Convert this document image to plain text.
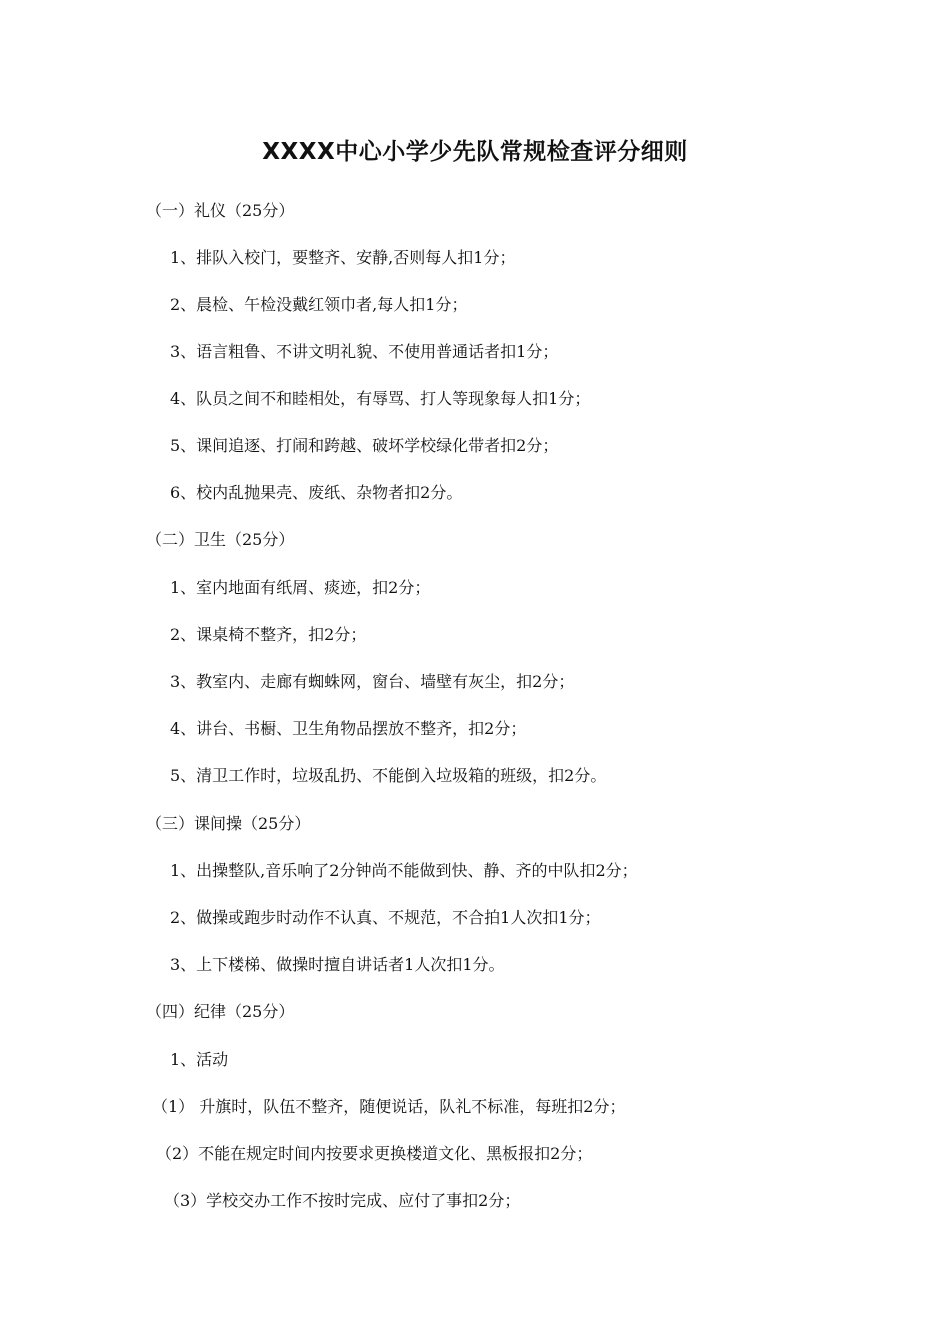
XXXX中心小学少先队常规检查评分细则
（一）礼仪（25分）
1、排队入校门，要整齐、安静,否则每人扣1分；
2、晨检、午检没戴红领巾者,每人扣1分；
3、语言粗鲁、不讲文明礼貌、不使用普通话者扣1分；
4、队员之间不和睦相处，有辱骂、打人等现象每人扣1分；
5、课间追逐、打闹和跨越、破坏学校绿化带者扣2分；
6、校内乱抛果壳、废纸、杂物者扣2分。
（二）卫生（25分）
1、室内地面有纸屑、痰迹，扣2分；
2、课桌椅不整齐，扣2分；
3、教室内、走廊有蜘蛛网，窗台、墙壁有灰尘，扣2分；
4、讲台、书橱、卫生角物品摆放不整齐，扣2分；
5、清卫工作时，垃圾乱扔、不能倒入垃圾箱的班级，扣2分。
（三）课间操（25分）
1、出操整队,音乐响了2分钟尚不能做到快、静、齐的中队扣2分；
2、做操或跑步时动作不认真、不规范，不合拍1人次扣1分；
3、上下楼梯、做操时擅自讲话者1人次扣1分。
（四）纪律（25分）
1、活动
（1） 升旗时，队伍不整齐，随便说话，队礼不标准，每班扣2分；
（2）不能在规定时间内按要求更换楼道文化、黑板报扣2分；
（3）学校交办工作不按时完成、应付了事扣2分；
